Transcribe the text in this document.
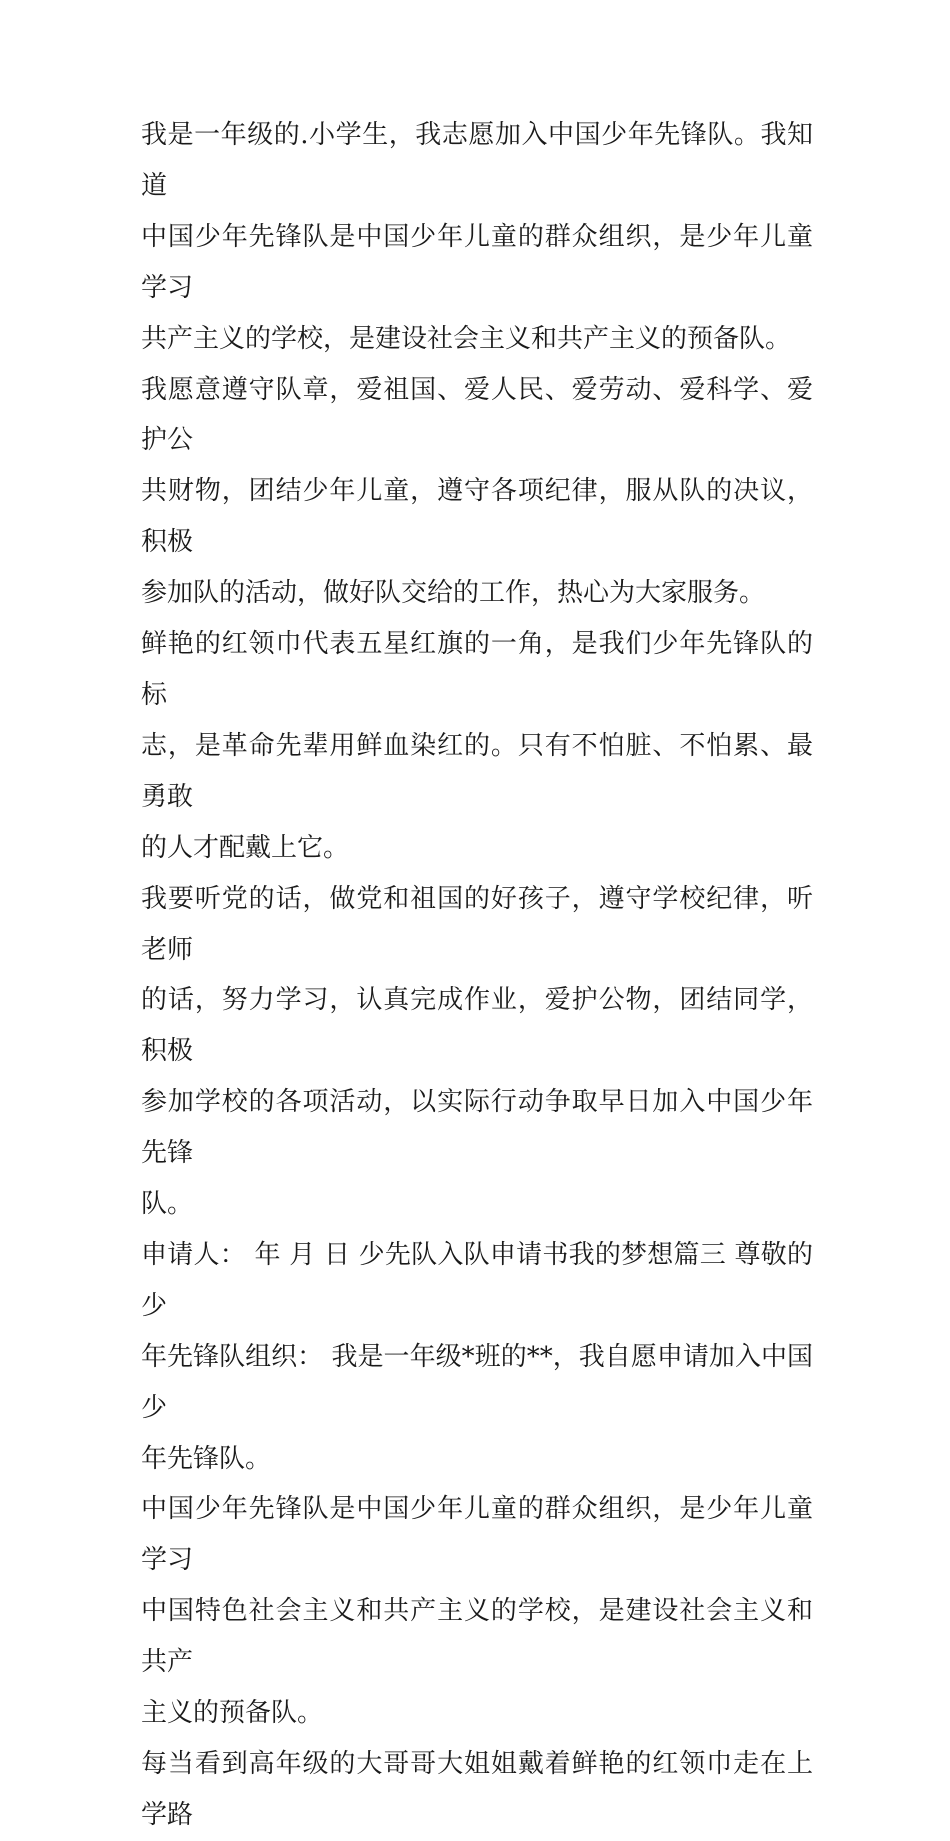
我是一年级的.小学生，我志愿加入中国少年先锋队。我知道
中国少年先锋队是中国少年儿童的群众组织，是少年儿童学习
共产主义的学校，是建设社会主义和共产主义的预备队。

我愿意遵守队章，爱祖国、爱人民、爱劳动、爱科学、爱护公
共财物，团结少年儿童，遵守各项纪律，服从队的决议，积极
参加队的活动，做好队交给的工作，热心为大家服务。

鲜艳的红领巾代表五星红旗的一角，是我们少年先锋队的标
志，是革命先辈用鲜血染红的。只有不怕脏、不怕累、最勇敢
的人才配戴上它。

我要听党的话，做党和祖国的好孩子，遵守学校纪律，听老师
的话，努力学习，认真完成作业，爱护公物，团结同学，积极
参加学校的各项活动，以实际行动争取早日加入中国少年先锋
队。

申请人： 年 月 日 少先队入队申请书我的梦想篇三 尊敬的少
年先锋队组织： 我是一年级*班的**，我自愿申请加入中国少
年先锋队。

中国少年先锋队是中国少年儿童的群众组织，是少年儿童学习
中国特色社会主义和共产主义的学校，是建设社会主义和共产
主义的预备队。

每当看到高年级的大哥哥大姐姐戴着鲜艳的红领巾走在上学路
